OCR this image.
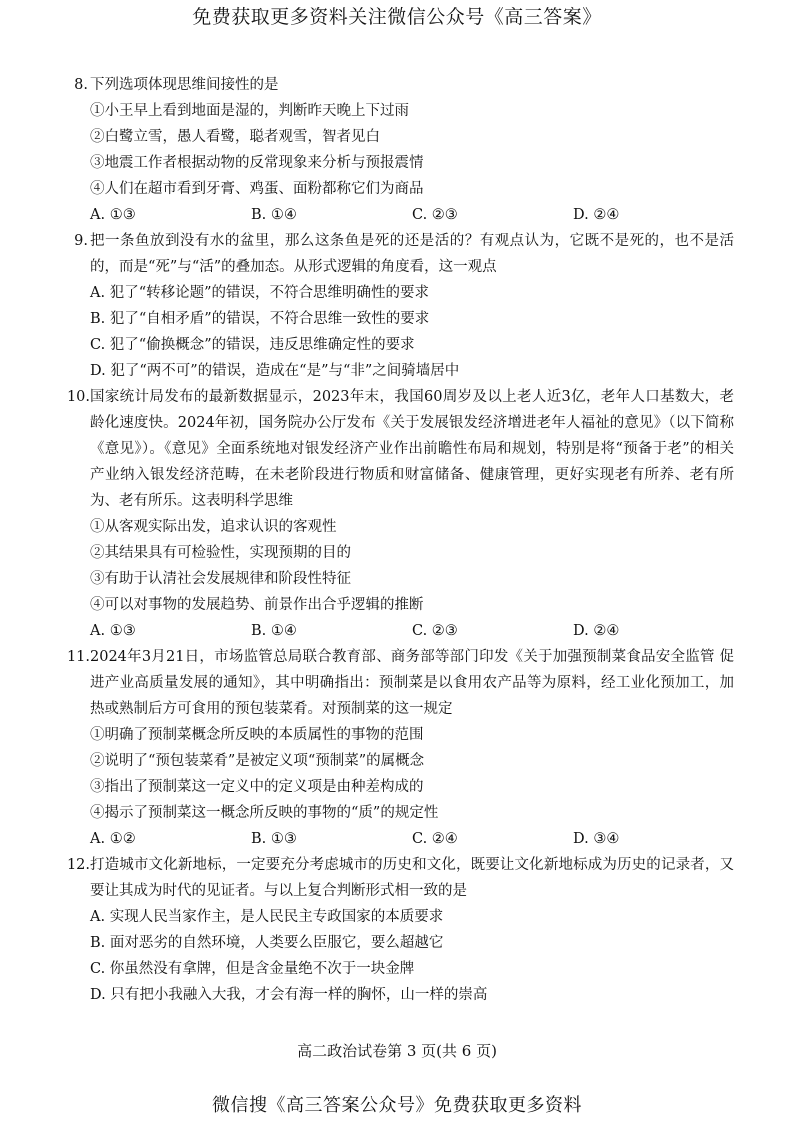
免费获取更多资料关注微信公众号《高三答案》
8. 下列选项体现思维间接性的是
①小王早上看到地面是湿的，判断昨天晚上下过雨
②白鹭立雪，愚人看鹭，聪者观雪，智者见白
③地震工作者根据动物的反常现象来分析与预报震情
④人们在超市看到牙膏、鸡蛋、面粉都称它们为商品
A. ①③	B. ①④	C. ②③	D. ②④
9. 把一条鱼放到没有水的盆里，那么这条鱼是死的还是活的？有观点认为，它既不是死的，也不是活的，而是“死”与“活”的叠加态。从形式逻辑的角度看，这一观点
A. 犯了“转移论题”的错误，不符合思维明确性的要求
B. 犯了“自相矛盾”的错误，不符合思维一致性的要求
C. 犯了“偷换概念”的错误，违反思维确定性的要求
D. 犯了“两不可”的错误，造成在“是”与“非”之间骑墙居中
10. 国家统计局发布的最新数据显示，2023年末，我国60周岁及以上老人近3亿，老年人口基数大，老龄化速度快。2024年初，国务院办公厅发布《关于发展银发经济增进老年人福祉的意见》（以下简称《意见》）。《意见》全面系统地对银发经济产业作出前瞻性布局和规划，特别是将“预备于老”的相关产业纳入银发经济范畴，在未老阶段进行物质和财富储备、健康管理，更好实现老有所养、老有所为、老有所乐。这表明科学思维
①从客观实际出发，追求认识的客观性
②其结果具有可检验性，实现预期的目的
③有助于认清社会发展规律和阶段性特征
④可以对事物的发展趋势、前景作出合乎逻辑的推断
A. ①③	B. ①④	C. ②③	D. ②④
11. 2024年3月21日，市场监管总局联合教育部、商务部等部门印发《关于加强预制菜食品安全监管 促进产业高质量发展的通知》，其中明确指出：预制菜是以食用农产品等为原料，经工业化预加工，加热或熟制后方可食用的预包装菜肴。对预制菜的这一规定
①明确了预制菜概念所反映的本质属性的事物的范围
②说明了“预包装菜肴”是被定义项“预制菜”的属概念
③指出了预制菜这一定义中的定义项是由种差构成的
④揭示了预制菜这一概念所反映的事物的“质”的规定性
A. ①②	B. ①③	C. ②④	D. ③④
12. 打造城市文化新地标，一定要充分考虑城市的历史和文化，既要让文化新地标成为历史的记录者，又要让其成为时代的见证者。与以上复合判断形式相一致的是
A. 实现人民当家作主，是人民民主专政国家的本质要求
B. 面对恶劣的自然环境，人类要么臣服它，要么超越它
C. 你虽然没有拿牌，但是含金量绝不次于一块金牌
D. 只有把小我融入大我，才会有海一样的胸怀，山一样的崇高
高二政治试卷第 3 页(共 6 页)
微信搜《高三答案公众号》免费获取更多资料
